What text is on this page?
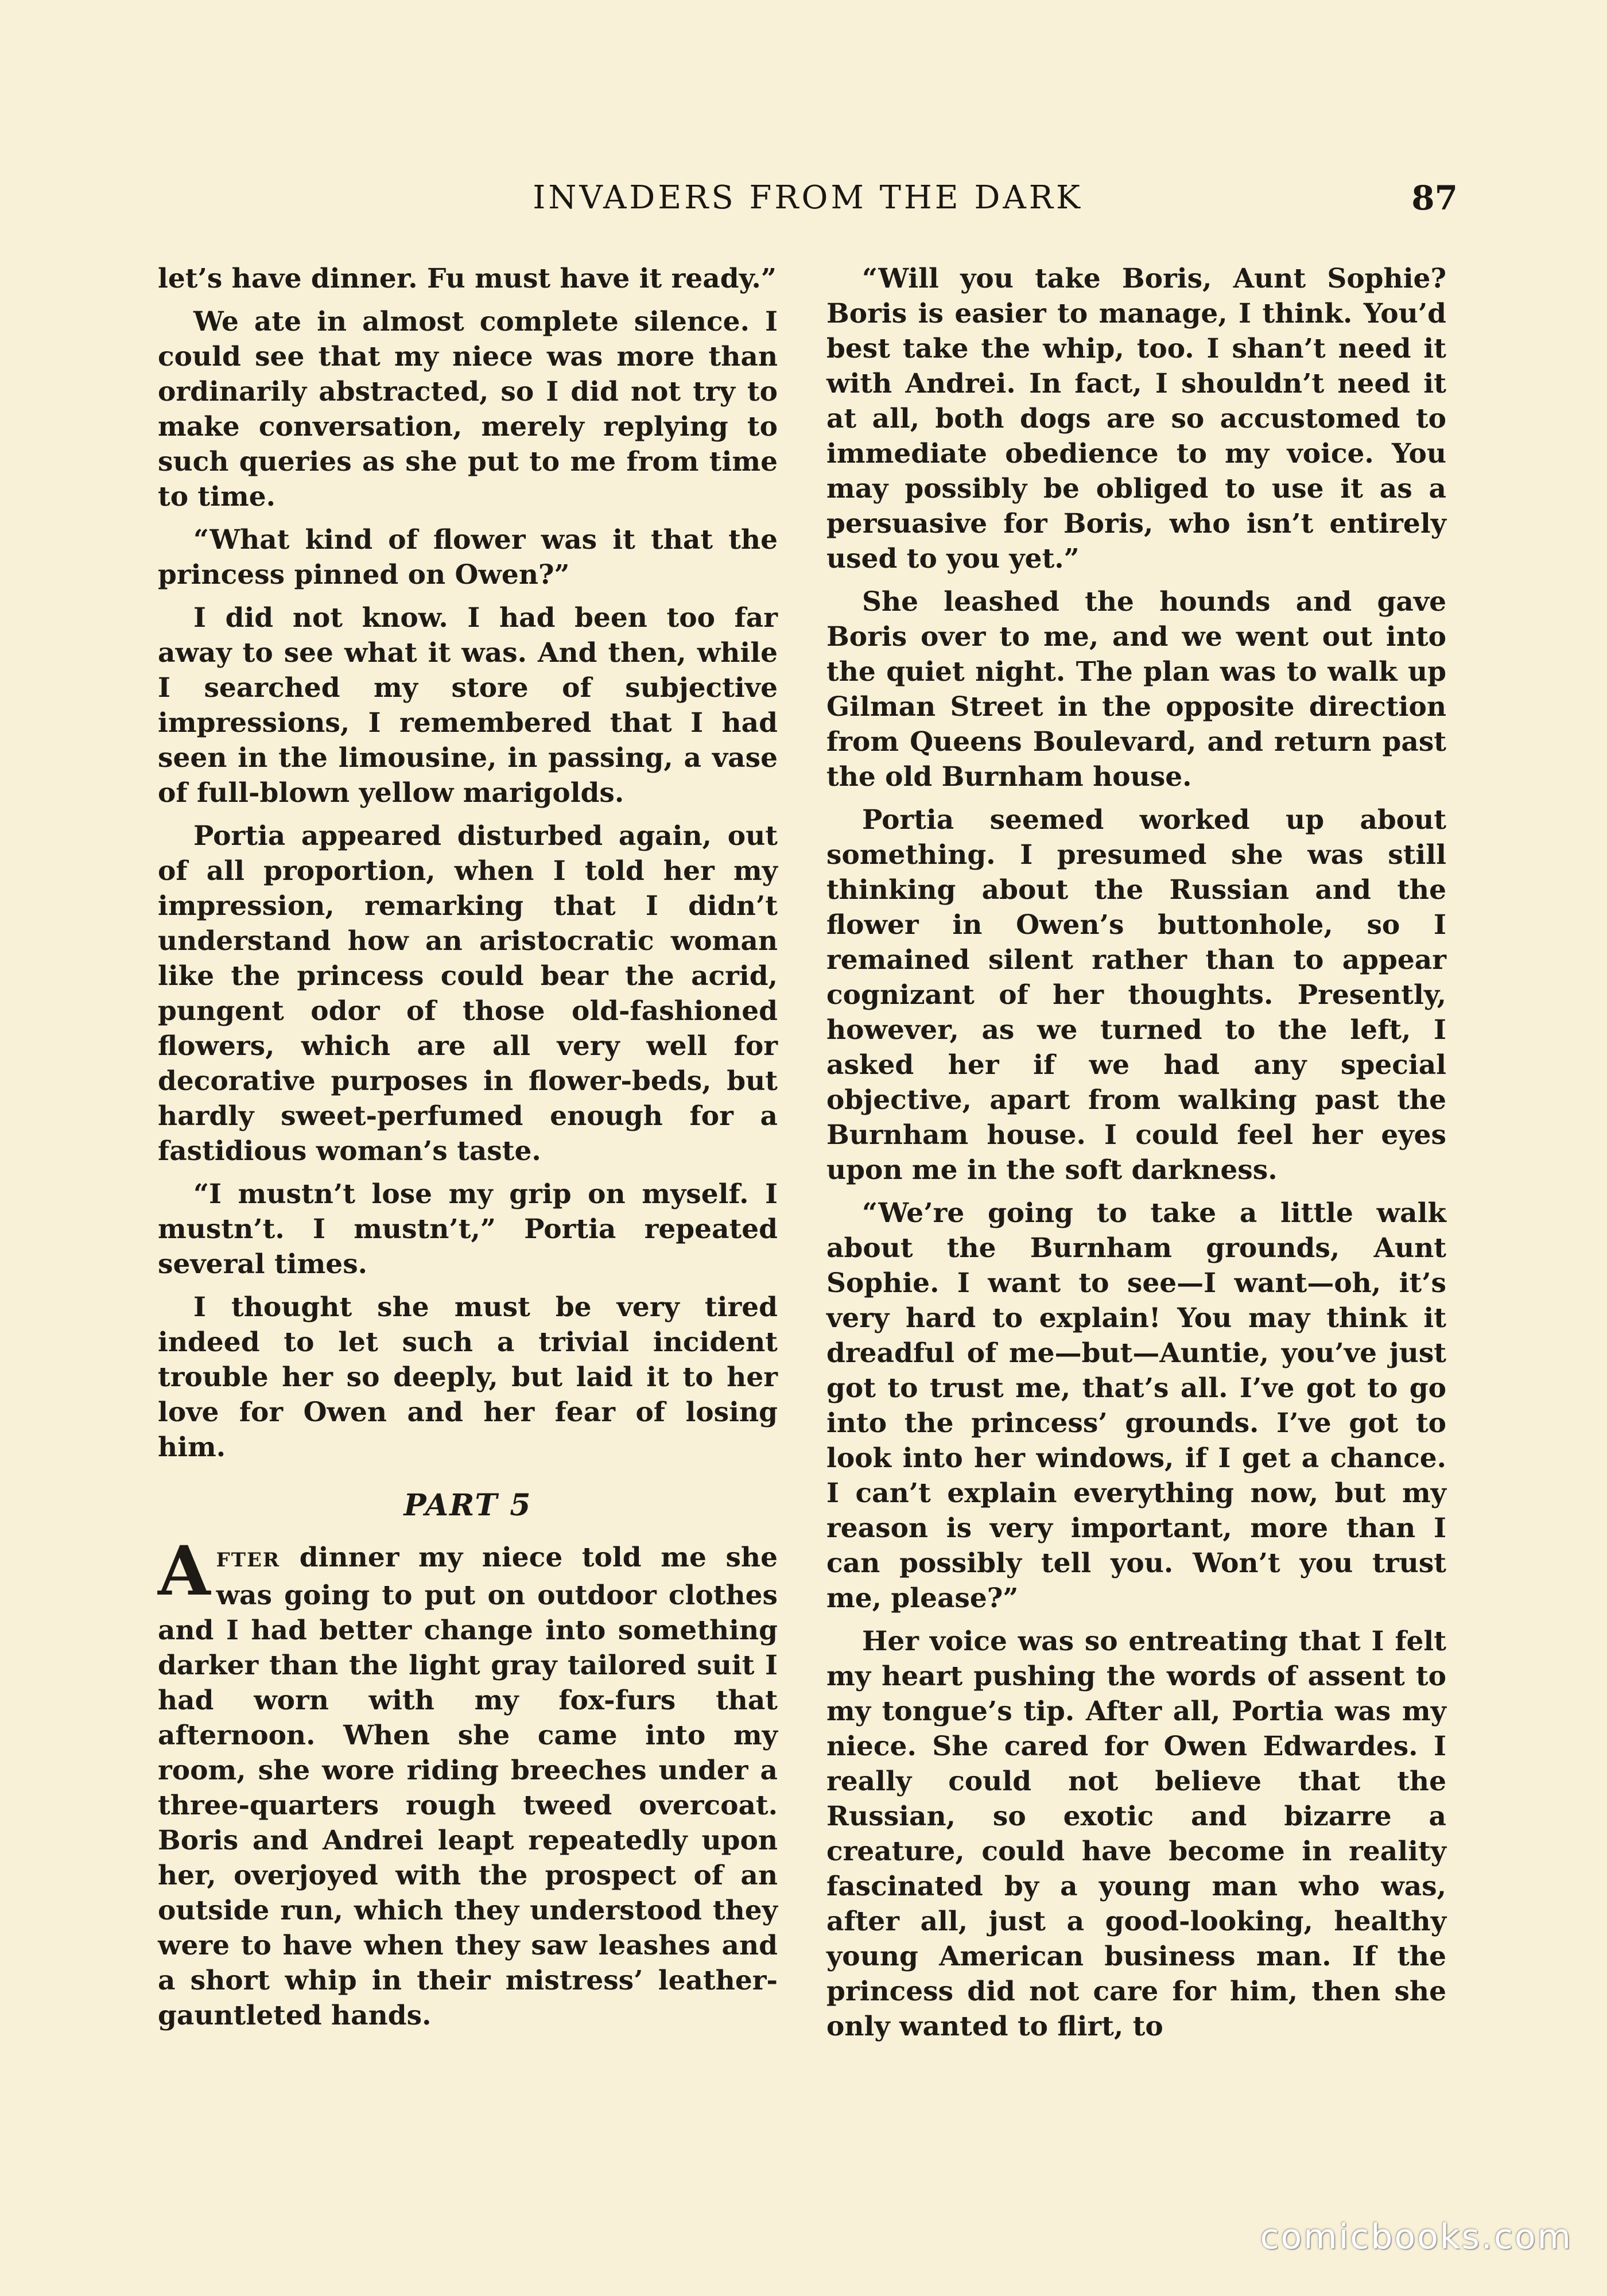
INVADERS FROM THE DARK	87

let’s have dinner. Fu must have it ready.”

We ate in almost complete silence. I could see that my niece was more than ordinarily abstracted, so I did not try to make conversation, merely replying to such queries as she put to me from time to time.

“What kind of flower was it that the princess pinned on Owen?”

I did not know. I had been too far away to see what it was. And then, while I searched my store of subjective impressions, I remembered that I had seen in the limousine, in passing, a vase of full-blown yellow marigolds.

Portia appeared disturbed again, out of all proportion, when I told her my impression, remarking that I didn’t understand how an aristocratic woman like the princess could bear the acrid, pungent odor of those old-fashioned flowers, which are all very well for decorative purposes in flower-beds, but hardly sweet-perfumed enough for a fastidious woman’s taste.

“I mustn’t lose my grip on myself. I mustn’t. I mustn’t,” Portia repeated several times.

I thought she must be very tired indeed to let such a trivial incident trouble her so deeply, but laid it to her love for Owen and her fear of losing him.

PART 5

AFTER dinner my niece told me she was going to put on outdoor clothes and I had better change into something darker than the light gray tailored suit I had worn with my fox-furs that afternoon. When she came into my room, she wore riding breeches under a three-quarters rough tweed overcoat. Boris and Andrei leapt repeatedly upon her, overjoyed with the prospect of an outside run, which they understood they were to have when they saw leashes and a short whip in their mistress’ leather-gauntleted hands.

“Will you take Boris, Aunt Sophie? Boris is easier to manage, I think. You’d best take the whip, too. I shan’t need it with Andrei. In fact, I shouldn’t need it at all, both dogs are so accustomed to immediate obedience to my voice. You may possibly be obliged to use it as a persuasive for Boris, who isn’t entirely used to you yet.”

She leashed the hounds and gave Boris over to me, and we went out into the quiet night. The plan was to walk up Gilman Street in the opposite direction from Queens Boulevard, and return past the old Burnham house.

Portia seemed worked up about something. I presumed she was still thinking about the Russian and the flower in Owen’s buttonhole, so I remained silent rather than to appear cognizant of her thoughts. Presently, however, as we turned to the left, I asked her if we had any special objective, apart from walking past the Burnham house. I could feel her eyes upon me in the soft darkness.

“We’re going to take a little walk about the Burnham grounds, Aunt Sophie. I want to see—I want—oh, it’s very hard to explain! You may think it dreadful of me—but—Auntie, you’ve just got to trust me, that’s all. I’ve got to go into the princess’ grounds. I’ve got to look into her windows, if I get a chance. I can’t explain everything now, but my reason is very important, more than I can possibly tell you. Won’t you trust me, please?”

Her voice was so entreating that I felt my heart pushing the words of assent to my tongue’s tip. After all, Portia was my niece. She cared for Owen Edwardes. I really could not believe that the Russian, so exotic and bizarre a creature, could have become in reality fascinated by a young man who was, after all, just a good-looking, healthy young American business man. If the princess did not care for him, then she only wanted to flirt, to

comicbooks.com
